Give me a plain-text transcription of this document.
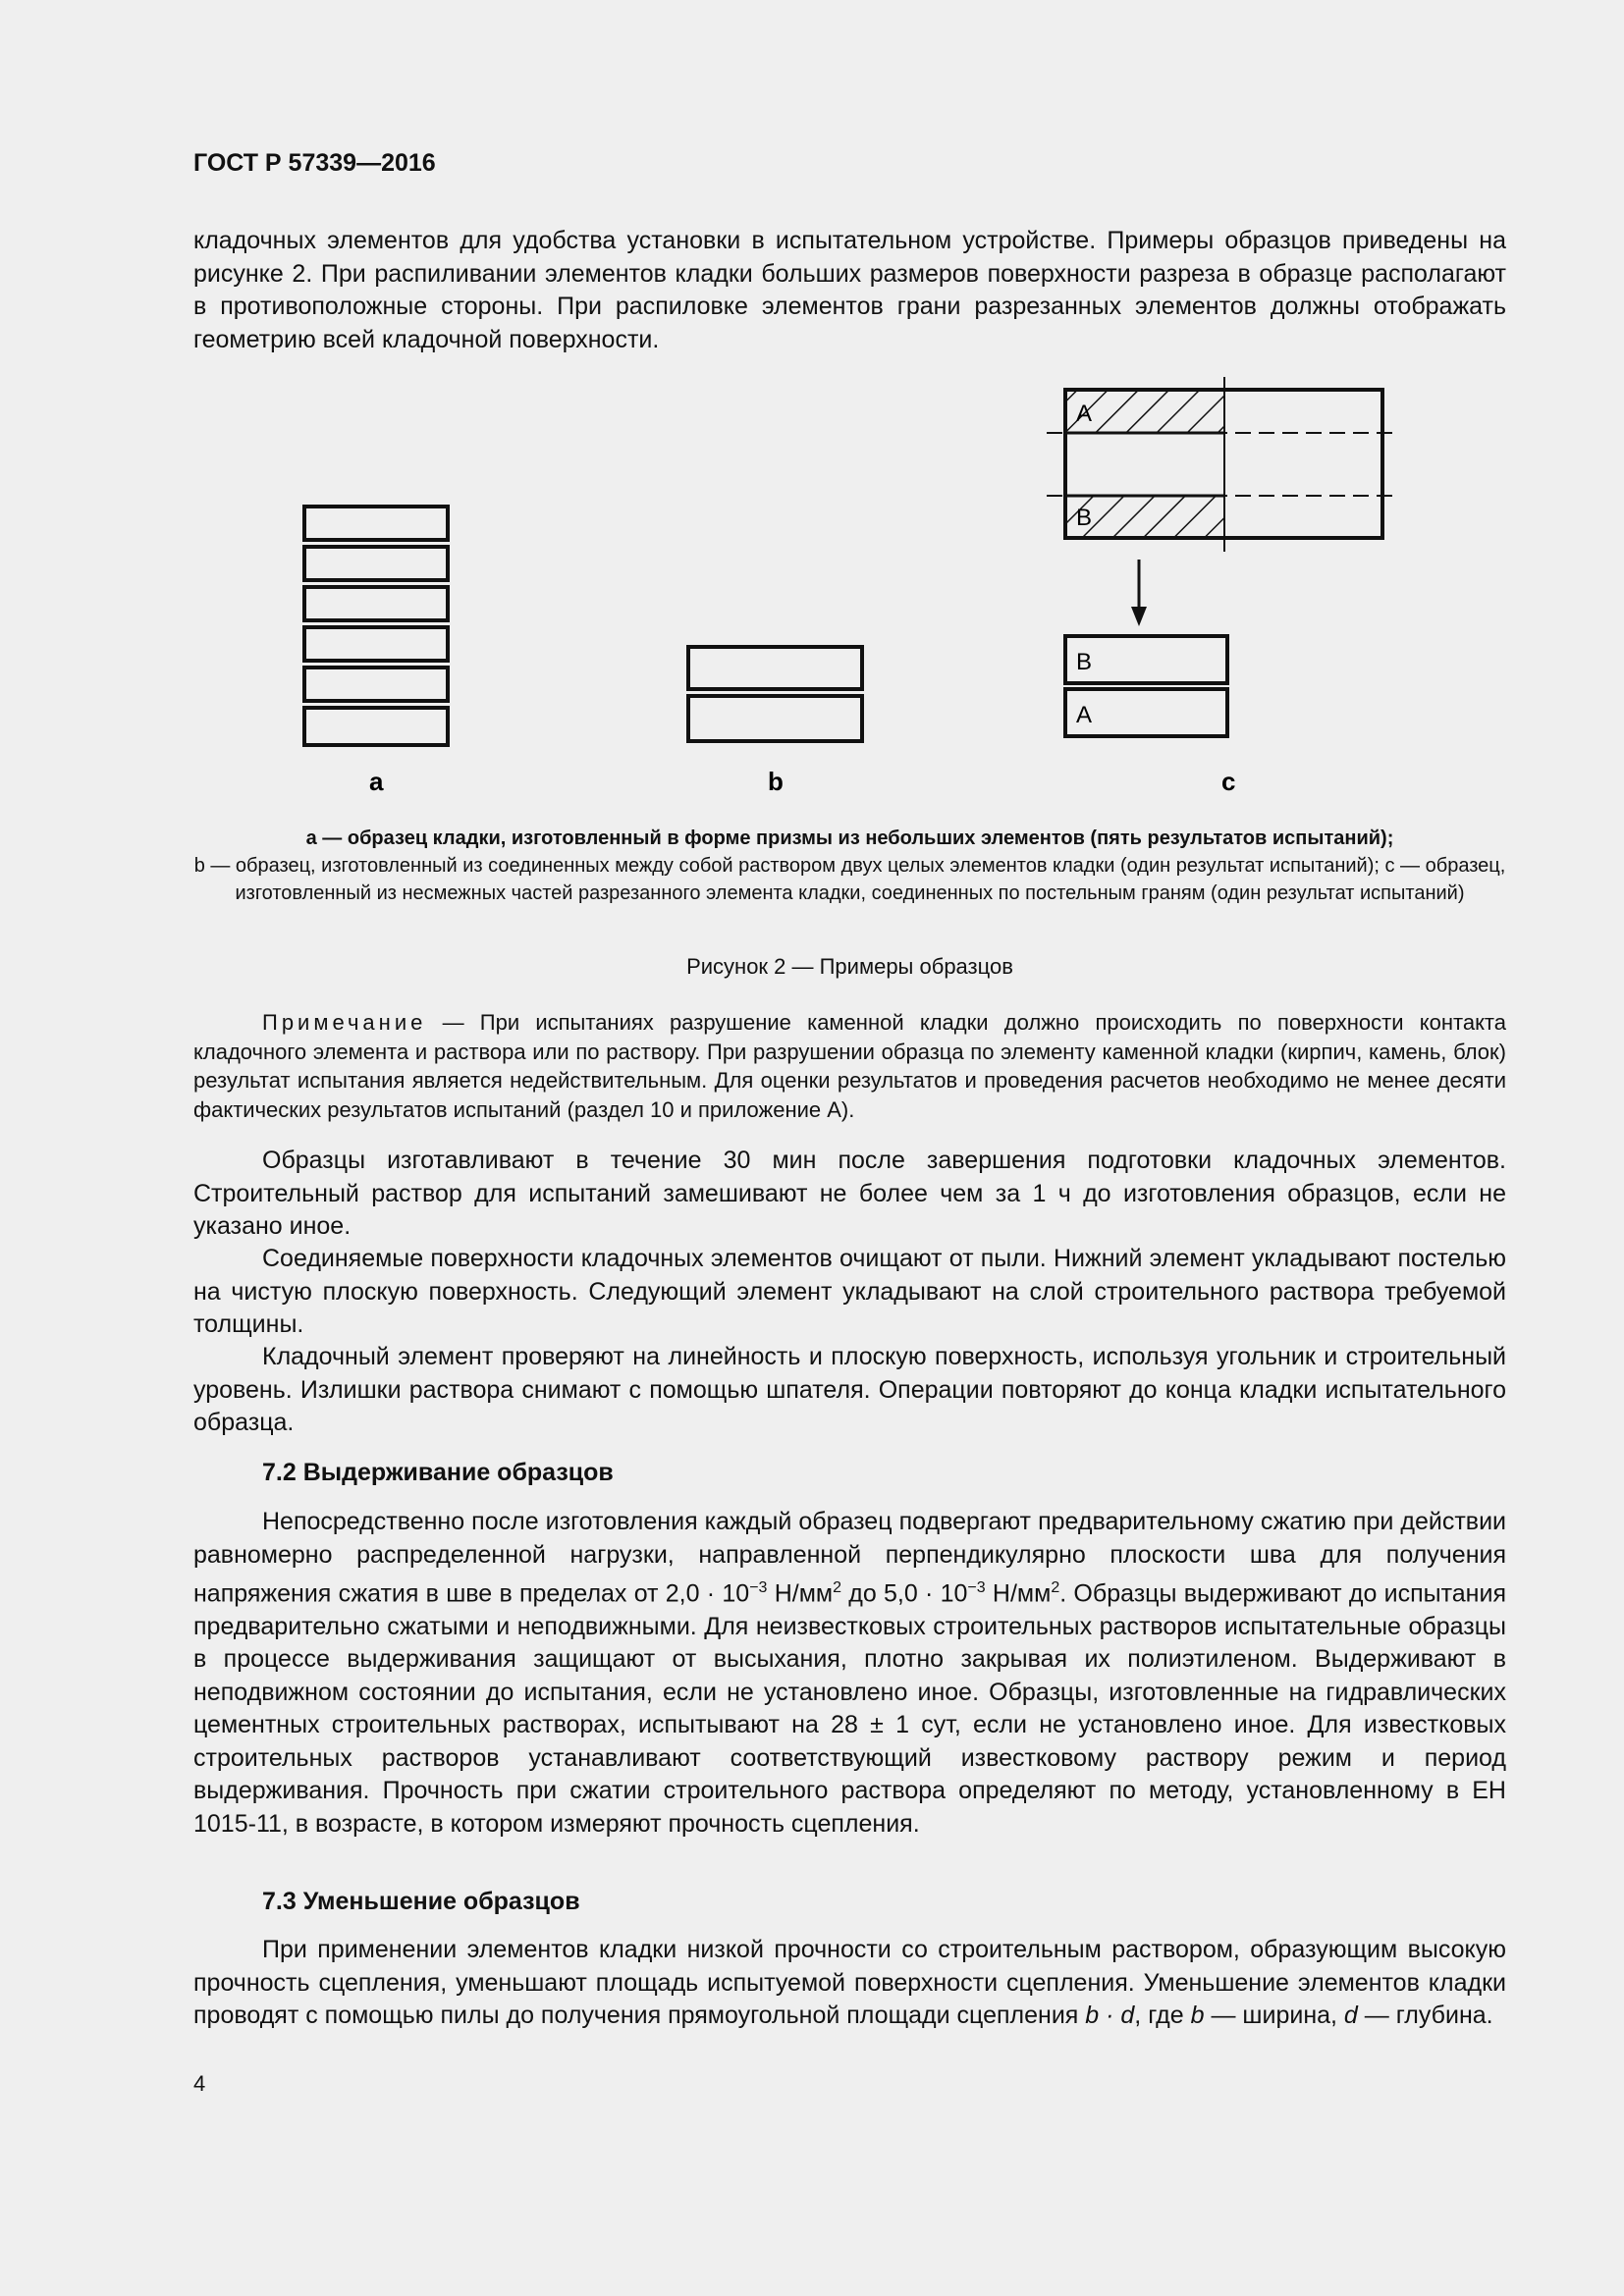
ГОСТ Р 57339—2016

кладочных элементов для удобства установки в испытательном устройстве. Примеры образцов приведены на рисунке 2. При распиливании элементов кладки больших размеров поверхности разреза в образце располагают в противоположные стороны. При распиловке элементов грани разрезанных элементов должны отображать геометрию всей кладочной поверхности.

A
B
B
A
a	b	c
а — образец кладки, изготовленный в форме призмы из небольших элементов (пять результатов испытаний);
b — образец, изготовленный из соединенных между собой раствором двух целых элементов кладки (один результат испытаний); с — образец, изготовленный из несмежных частей разрезанного элемента кладки, соединенных по постельным граням (один результат испытаний)
Рисунок 2 — Примеры образцов

Примечание — При испытаниях разрушение каменной кладки должно происходить по поверхности контакта кладочного элемента и раствора или по раствору. При разрушении образца по элементу каменной кладки (кирпич, камень, блок) результат испытания является недействительным. Для оценки результатов и проведения расчетов необходимо не менее десяти фактических результатов испытаний (раздел 10 и приложение А).

Образцы изготавливают в течение 30 мин после завершения подготовки кладочных элементов. Строительный раствор для испытаний замешивают не более чем за 1 ч до изготовления образцов, если не указано иное.

Соединяемые поверхности кладочных элементов очищают от пыли. Нижний элемент укладывают постелью на чистую плоскую поверхность. Следующий элемент укладывают на слой строительного раствора требуемой толщины.

Кладочный элемент проверяют на линейность и плоскую поверхность, используя угольник и строительный уровень. Излишки раствора снимают с помощью шпателя. Операции повторяют до конца кладки испытательного образца.

7.2 Выдерживание образцов

Непосредственно после изготовления каждый образец подвергают предварительному сжатию при действии равномерно распределенной нагрузки, направленной перпендикулярно плоскости шва для получения напряжения сжатия в шве в пределах от $2,0 \cdot 10^{-3}$ $Н/мм^2$ до $5,0 \cdot 10^{-3}$ $Н/мм^2$. Образцы выдерживают до испытания предварительно сжатыми и неподвижными. Для неизвестковых строительных растворов испытательные образцы в процессе выдерживания защищают от высыхания, плотно закрывая их полиэтиленом. Выдерживают в неподвижном состоянии до испытания, если не установлено иное. Образцы, изготовленные на гидравлических цементных строительных растворах, испытывают на 28 ± 1 сут, если не установлено иное. Для известковых строительных растворов устанавливают соответствующий известковому раствору режим и период выдерживания. Прочность при сжатии строительного раствора определяют по методу, установленному в ЕН 1015-11, в возрасте, в котором измеряют прочность сцепления.

7.3 Уменьшение образцов

При применении элементов кладки низкой прочности со строительным раствором, образующим высокую прочность сцепления, уменьшают площадь испытуемой поверхности сцепления. Уменьшение элементов кладки проводят с помощью пилы до получения прямоугольной площади сцепления b · d, где b — ширина, d — глубина.

4
